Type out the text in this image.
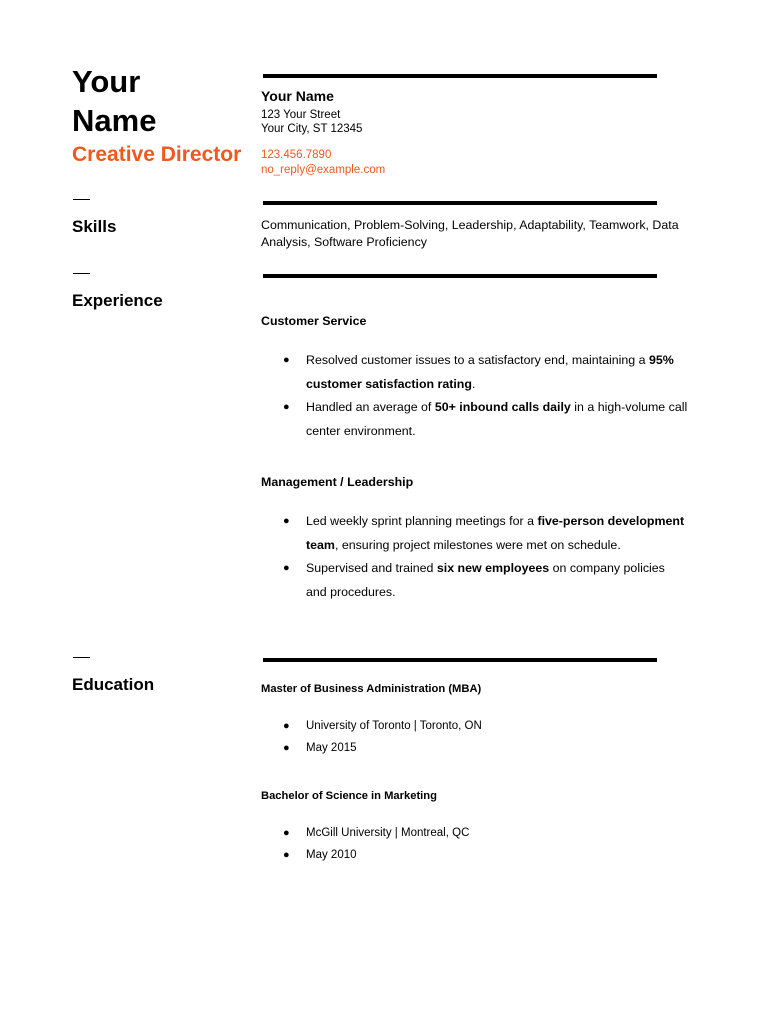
Your
Name
Creative Director
Skills
Experience
Education
Your Name
123 Your Street
Your City, ST 12345
123.456.7890
no_reply@example.com
Communication, Problem-Solving, Leadership, Adaptability, Teamwork, Data Analysis, Software Proficiency
Customer Service
● Resolved customer issues to a satisfactory end, maintaining a 95% customer satisfaction rating.
● Handled an average of 50+ inbound calls daily in a high-volume call center environment.
Management / Leadership
● Led weekly sprint planning meetings for a five-person development team, ensuring project milestones were met on schedule.
● Supervised and trained six new employees on company policies and procedures.
Master of Business Administration (MBA)
● University of Toronto | Toronto, ON
● May 2015
Bachelor of Science in Marketing
● McGill University | Montreal, QC
● May 2010
